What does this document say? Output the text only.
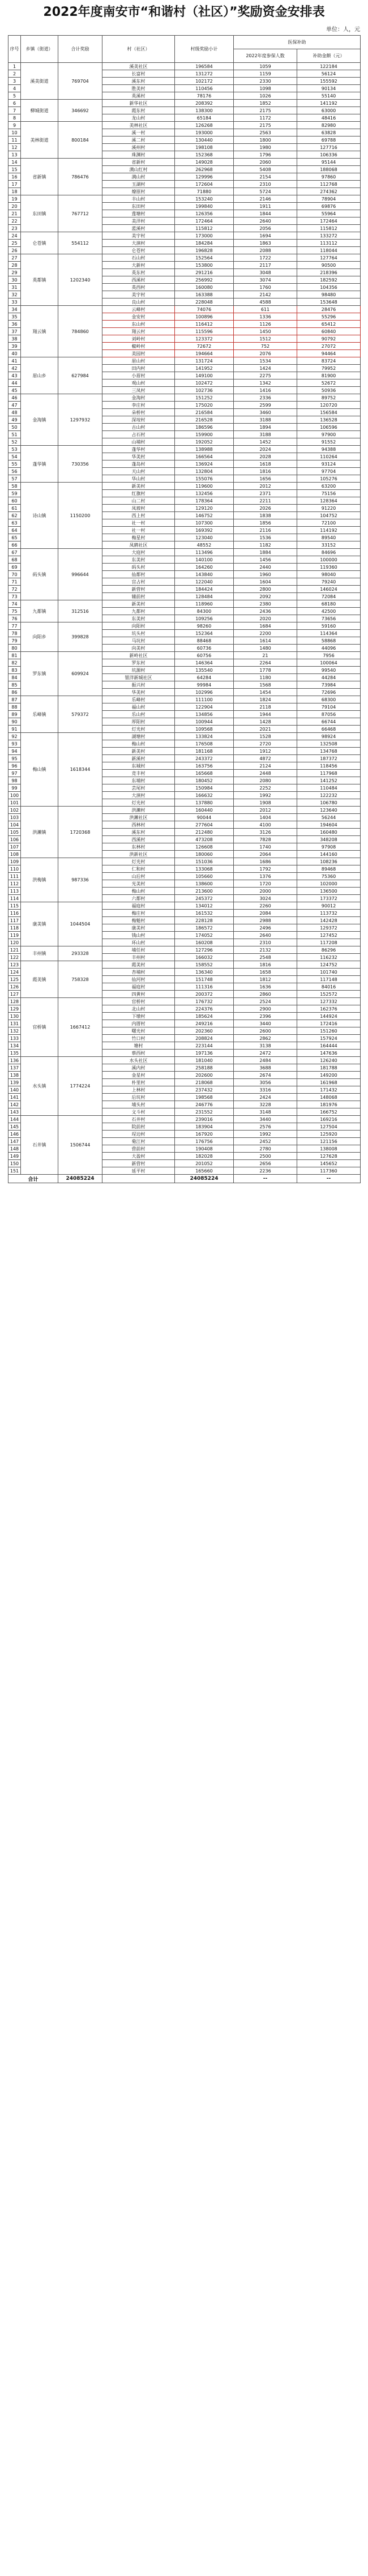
2022年度南安市“和谐村（社区）”奖励资金安排表
单位：人，元
序号	乡镇（街道）	合计奖励	村（社区）	村级奖励小计	医保补助	
					2022年度参保人数	补助金额（元）
1	溪美街道	769704	溪美社区	196584	1059	122184
2			长富村	131272	1159	56124
3			溪东村	102172	2330	155592
4			胜美村	110456	1098	90134
5			英溪村	78176	1026	55140
6	柳城街道	346692	新华社区	208392	1852	141192
7			霞东村	138300	2175	63000
8			龙山村	65184	1172	48416
9	美林街道	800184	美林社区	126268	2175	82980
10			溪一村	193000	2563	63828
11			溪二村	130440	1800	69788
12			溪州村	198108	1980	127716
13			珠渊村	152368	1796	106336
14	省新镇	786476	省新村	149028	2060	95144
15			满山红村	262968	5408	188068
16			满山村	129996	2154	97860
17			玉湖村	172604	2310	112768
18			燎原村	71880	5724	274362
19	东田镇	767712	丰山村	153240	2146	78904
20			东田村	199840	1911	69876
21			莲塘村	126356	1844	55964
22			美洋村	172464	2640	172464
23			蓝溪村	115812	2056	115812
24	仑苍镇	554112	美宇村	173000	1694	133272
25			大演村	184284	1863	113112
26			仑苍村	196828	2088	118044
27	英都镇	1202340	石山村	152564	1722	127764
28			大新村	153800	2117	90500
29			英东村	291216	3048	218396
30			西溪村	256992	3074	182592
31			英西村	160080	1760	104356
32			美宇村	163388	2142	98480
33			良山村	228048	4588	153648
34	翔云镇	784860	云峰村	74076	611	28476
35			金安村	100896	1336	55296
36			东山村	116412	1126	65412
37			翔云村	115596	1450	60840
38			刘岭村	123372	1512	90792
39			椒岭村	72672	752	27072
40			美园村	194664	2076	94464
41	眉山乡	627984	眉山村	131724	1534	83724
42			田内村	141952	1424	79952
43			小眉村	149100	2275	81900
44			观山村	102472	1342	52672
45			三凤村	102736	1416	50936
46	金淘镇	1297932	金淘村	151252	2336	89752
47			李庄村	175020	2599	120720
48			朵桥村	216584	3460	156584
49			深垵村	216528	3188	136528
50			古山村	186596	1894	106596
51			占石村	159900	3188	97900
52			山埔村	192052	1452	91552
53	蓬华镇	730356	蓬华村	138988	2024	94388
54			华美村	166564	2028	110264
55			蓬岛村	136924	1618	93124
56			天山村	132804	1816	97704
57			华山村	155076	1656	105276
58	诗山镇	1150200	新美村	119600	2012	63200
59			红旗村	132456	2371	75156
60			山二村	178364	2211	128364
61			凤坡村	129120	2026	91220
62			西上村	146752	1838	104752
63			社一村	107300	1856	72100
64			社一村	169392	2116	114192
65			梅星村	123040	1536	89540
66			凤鹤社区	48552	1182	33152
67	码头镇	996644	大庭村	113496	1884	84696
68			东美村	140100	1456	100000
69			码头村	164260	2440	119360
70			仙都村	143840	1960	98040
71			宫占村	122040	1604	79240
72			新营村	184424	2800	146024
73			辅前村	128484	2092	72084
74	九都镇	312516	新美村	118960	2380	68180
75			九都村	84300	2436	42500
76			东美村	109256	2020	73656
77	向阳乡	399828	向阳村	98260	1684	59160
78			坑头村	152364	2200	114364
79			马坑村	88468	1614	58868
80			向美村	60736	1480	44096
81	罗东镇	609924	新岭社区	60756	21	7956
82			罗东村	146364	2264	100064
83			坑源村	135540	1778	99540
84			银洋新城社区	64284	1180	44284
85			振兴村	99984	1568	73984
86			华美村	102996	1454	72696
87	乐峰镇	579372	乐峰村	111100	1824	68300
88			福山村	122904	2118	79104
89			乐山村	134856	1944	87056
90			厚阳村	100944	1428	66744
91			灯光村	109568	2021	66468
92	梅山镇	1618344	湖塘村	133824	1528	98924
93			梅山村	176508	2720	132508
94			新美村	181168	1912	134768
95			新溪村	243372	4872	187372
96			东城村	163756	2124	118456
97			竞丰村	165668	2448	117968
98			东埔村	180452	2080	141252
99			芸尾村	150984	2252	110484
100			大演村	166632	1992	122232
101			灯光村	137880	1908	106780
102	洪濑镇	1720368	洪濑村	160440	2012	123640
103			洪濑社区	90044	1404	56244
104			西林村	277604	4100	194604
105			溪东村	212480	3126	160480
106			西溪村	473208	7828	348208
107			东林村	126608	1740	97908
108			洪新社区	180060	2064	144160
109	洪梅镇	987336	灯光村	151036	1686	108236
110			仁和村	133068	1792	89468
111			山后村	105660	1376	75360
112			光美村	138600	1720	102000
113			梅山村	213600	2000	136500
114			六都村	245372	3024	173372
115	康美镇	1044504	福庭村	134012	2260	90012
116			梅庄村	161532	2084	113732
117			梅魁村	228128	2988	142428
118			康美村	186572	2496	129372
119			钱山村	174052	2640	127452
120			环山村	160208	2310	117208
121	丰州镇	293328	埔任村	127296	2132	86296
122			丰州村	166032	2548	116232
123	霞美镇	758328	霞美村	158552	1816	124752
124			杏埔村	136340	1658	101740
125			仙河村	151748	1812	117148
126			福庭村	111316	1636	84016
127			四黄村	200372	2860	152572
128	官桥镇	1667412	官桥村	176732	2524	127332
129			北山村	224376	2900	162376
130			下墩村	185624	2396	144924
131			内厝村	249216	3440	172416
132			曙光村	202360	2600	151260
133			竹口村	208824	2862	157924
134			塘村	223144	3138	164444
135			蔡西村	197136	2472	147636
136	水头镇	1774224	水头社区	181040	2484	126240
137			溪内村	258188	3688	181788
138			金星村	202600	2674	149200
139			朴里村	218068	3056	161968
140			上林村	237432	3316	171432
141			后坑村	198568	2424	148068
142			埔头村	246776	3228	181976
143			文斗村	231552	3148	166752
144	石井镇	1506744	石井村	239016	3440	169216
145			院前村	183904	2576	127504
146			埕边村	167920	1992	125920
147			菊江村	176756	2452	121156
148			营前村	190408	2780	138008
149			大盈村	182028	2500	127628
150			新营村	201052	2656	145652
151			延平村	165660	2236	117360
合计		24085224		24085224	--	--
